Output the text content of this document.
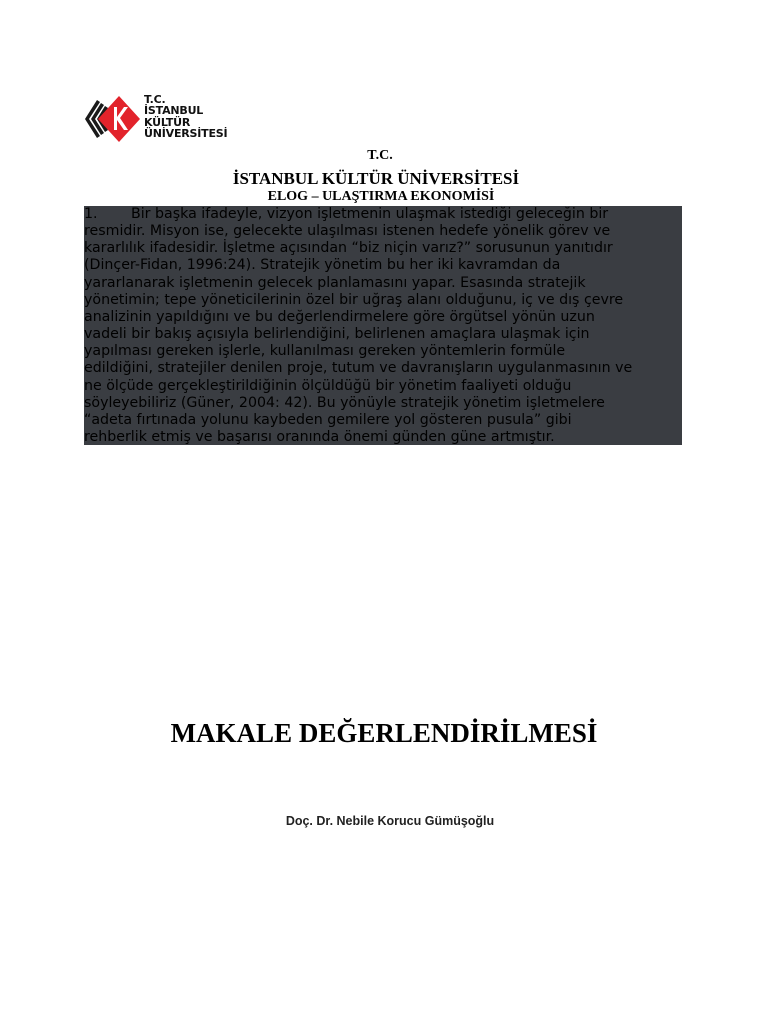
T.C.
İSTANBUL
KÜLTÜR
ÜNİVERSİTESİ
T.C.
İSTANBUL KÜLTÜR ÜNİVERSİTESİ
ELOG – ULAŞTIRMA EKONOMİSİ
1. Bir başka ifadeyle, vizyon işletmenin ulaşmak istediği geleceğin bir
resmidir. Misyon ise, gelecekte ulaşılması istenen hedefe yönelik görev ve
kararlılık ifadesidir. İşletme açısından “biz niçin varız?” sorusunun yanıtıdır
(Dinçer-Fidan, 1996:24). Stratejik yönetim bu her iki kavramdan da
yararlanarak işletmenin gelecek planlamasını yapar. Esasında stratejik
yönetimin; tepe yöneticilerinin özel bir uğraş alanı olduğunu, iç ve dış çevre
analizinin yapıldığını ve bu değerlendirmelere göre örgütsel yönün uzun
vadeli bir bakış açısıyla belirlendiğini, belirlenen amaçlara ulaşmak için
yapılması gereken işlerle, kullanılması gereken yöntemlerin formüle
edildiğini, stratejiler denilen proje, tutum ve davranışların uygulanmasının ve
ne ölçüde gerçekleştirildiğinin ölçüldüğü bir yönetim faaliyeti olduğu
söyleyebiliriz (Güner, 2004: 42). Bu yönüyle stratejik yönetim işletmelere
“adeta fırtınada yolunu kaybeden gemilere yol gösteren pusula” gibi
rehberlik etmiş ve başarısı oranında önemi günden güne artmıştır.
MAKALE DEĞERLENDİRİLMESİ
Doç. Dr. Nebile Korucu Gümüşoğlu
